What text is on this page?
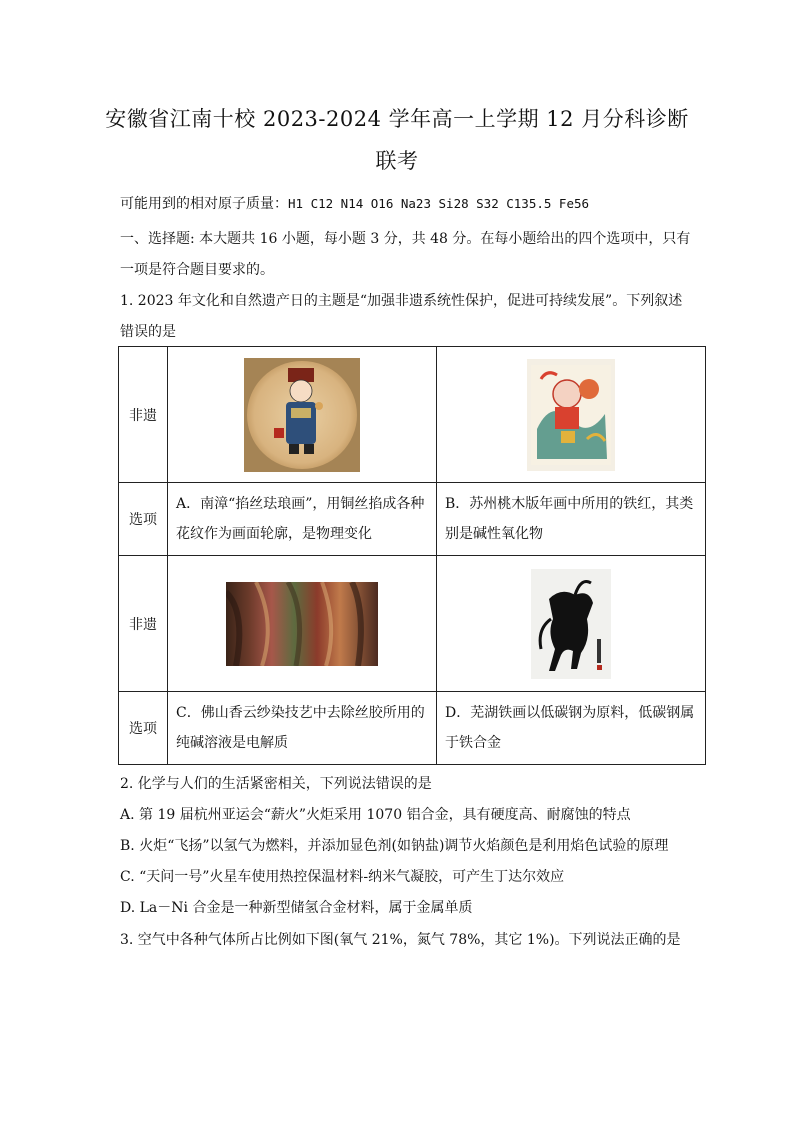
安徽省江南十校 2023-2024 学年高一上学期 12 月分科诊断
联考
可能用到的相对原子质量：H1 C12 N14 O16 Na23 Si28 S32 C135.5 Fe56
一、选择题: 本大题共 16 小题，每小题 3 分，共 48 分。在每小题给出的四个选项中，只有
一项是符合题目要求的。
1. 2023 年文化和自然遗产日的主题是“加强非遗系统性保护，促进可持续发展”。下列叙述
错误的是
非遗	

选项	A．南漳“掐丝珐琅画”，用铜丝掐成各种花纹作为画面轮廓，是物理变化	B．苏州桃木版年画中所用的铁红，其类别是碱性氧化物
非遗	

选项	C．佛山香云纱染技艺中去除丝胶所用的纯碱溶液是电解质	D．芜湖铁画以低碳钢为原料，低碳钢属于铁合金
2. 化学与人们的生活紧密相关，下列说法错误的是
A. 第 19 届杭州亚运会“薪火”火炬采用 1070 铝合金，具有硬度高、耐腐蚀的特点
B. 火炬“飞扬”以氢气为燃料，并添加显色剂(如钠盐)调节火焰颜色是利用焰色试验的原理
C. “天问一号”火星车使用热控保温材料-纳米气凝胶，可产生丁达尔效应
D. La－Ni 合金是一种新型储氢合金材料，属于金属单质
3. 空气中各种气体所占比例如下图(氧气 21%，氮气 78%，其它 1%)。下列说法正确的是
